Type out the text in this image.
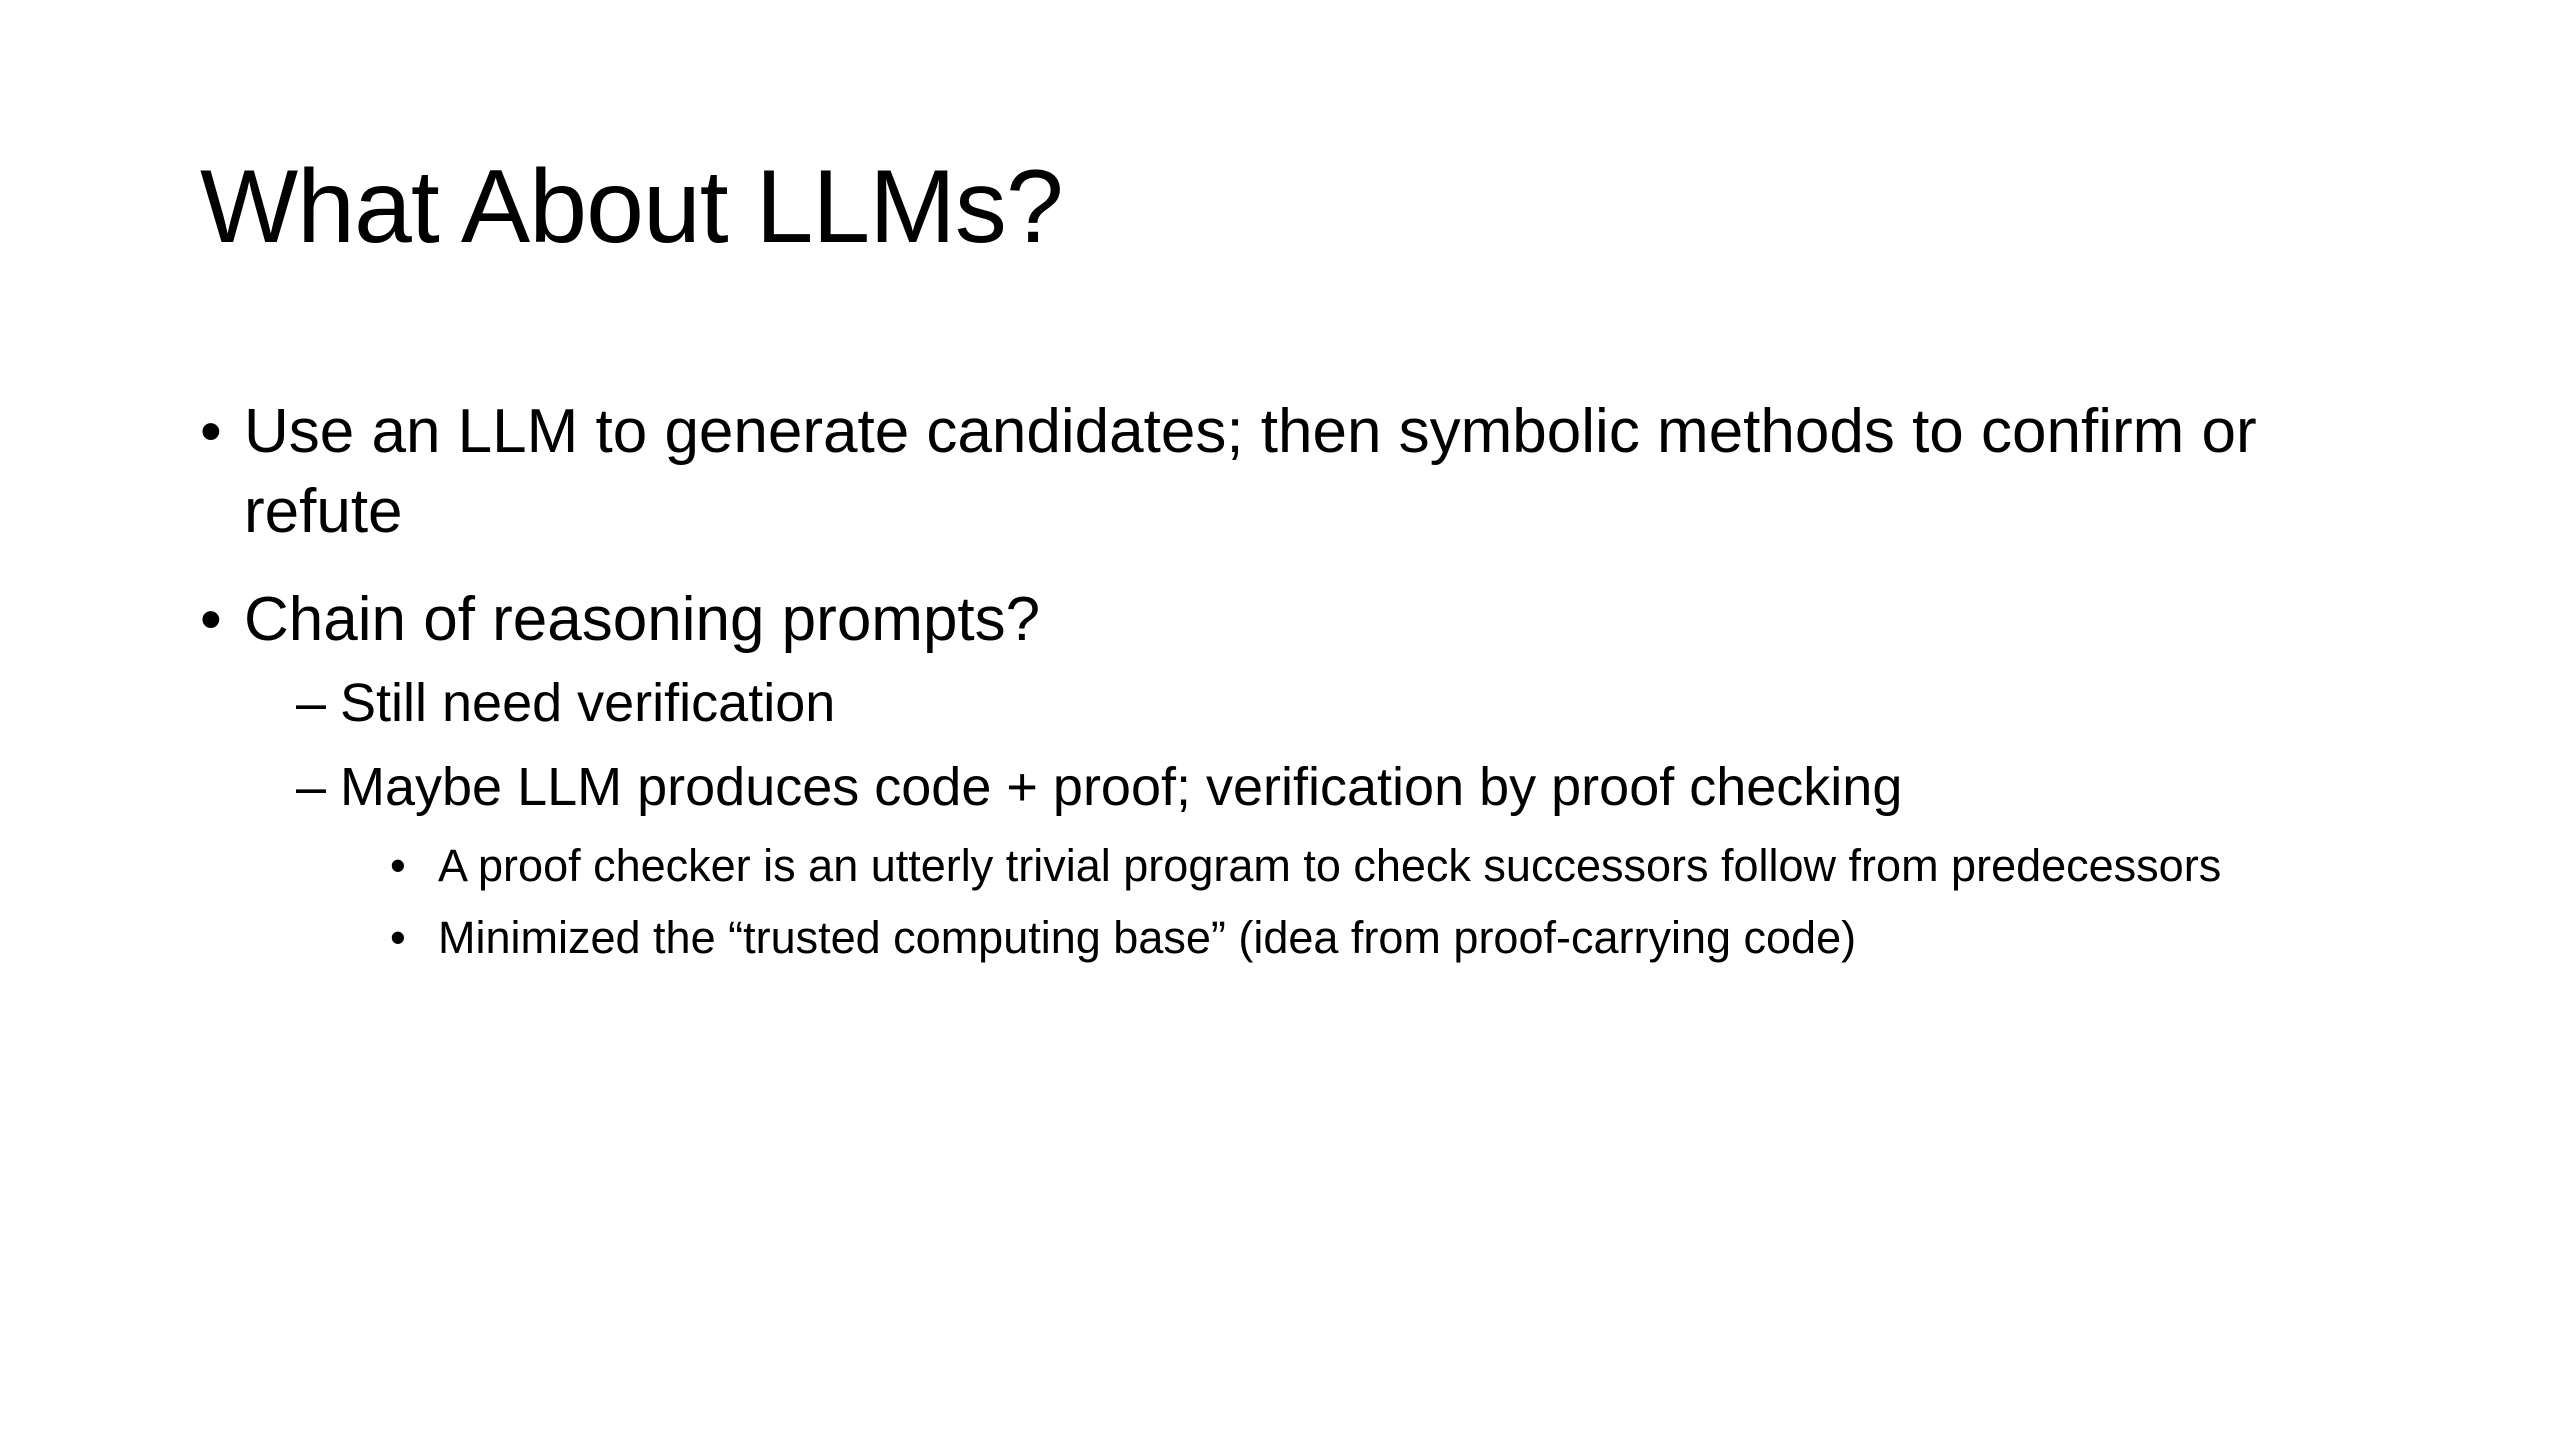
What About LLMs?
• Use an LLM to generate candidates; then symbolic methods to confirm or refute
• Chain of reasoning prompts?
– Still need verification
– Maybe LLM produces code + proof; verification by proof checking
• A proof checker is an utterly trivial program to check successors follow from predecessors
• Minimized the “trusted computing base” (idea from proof-carrying code)
